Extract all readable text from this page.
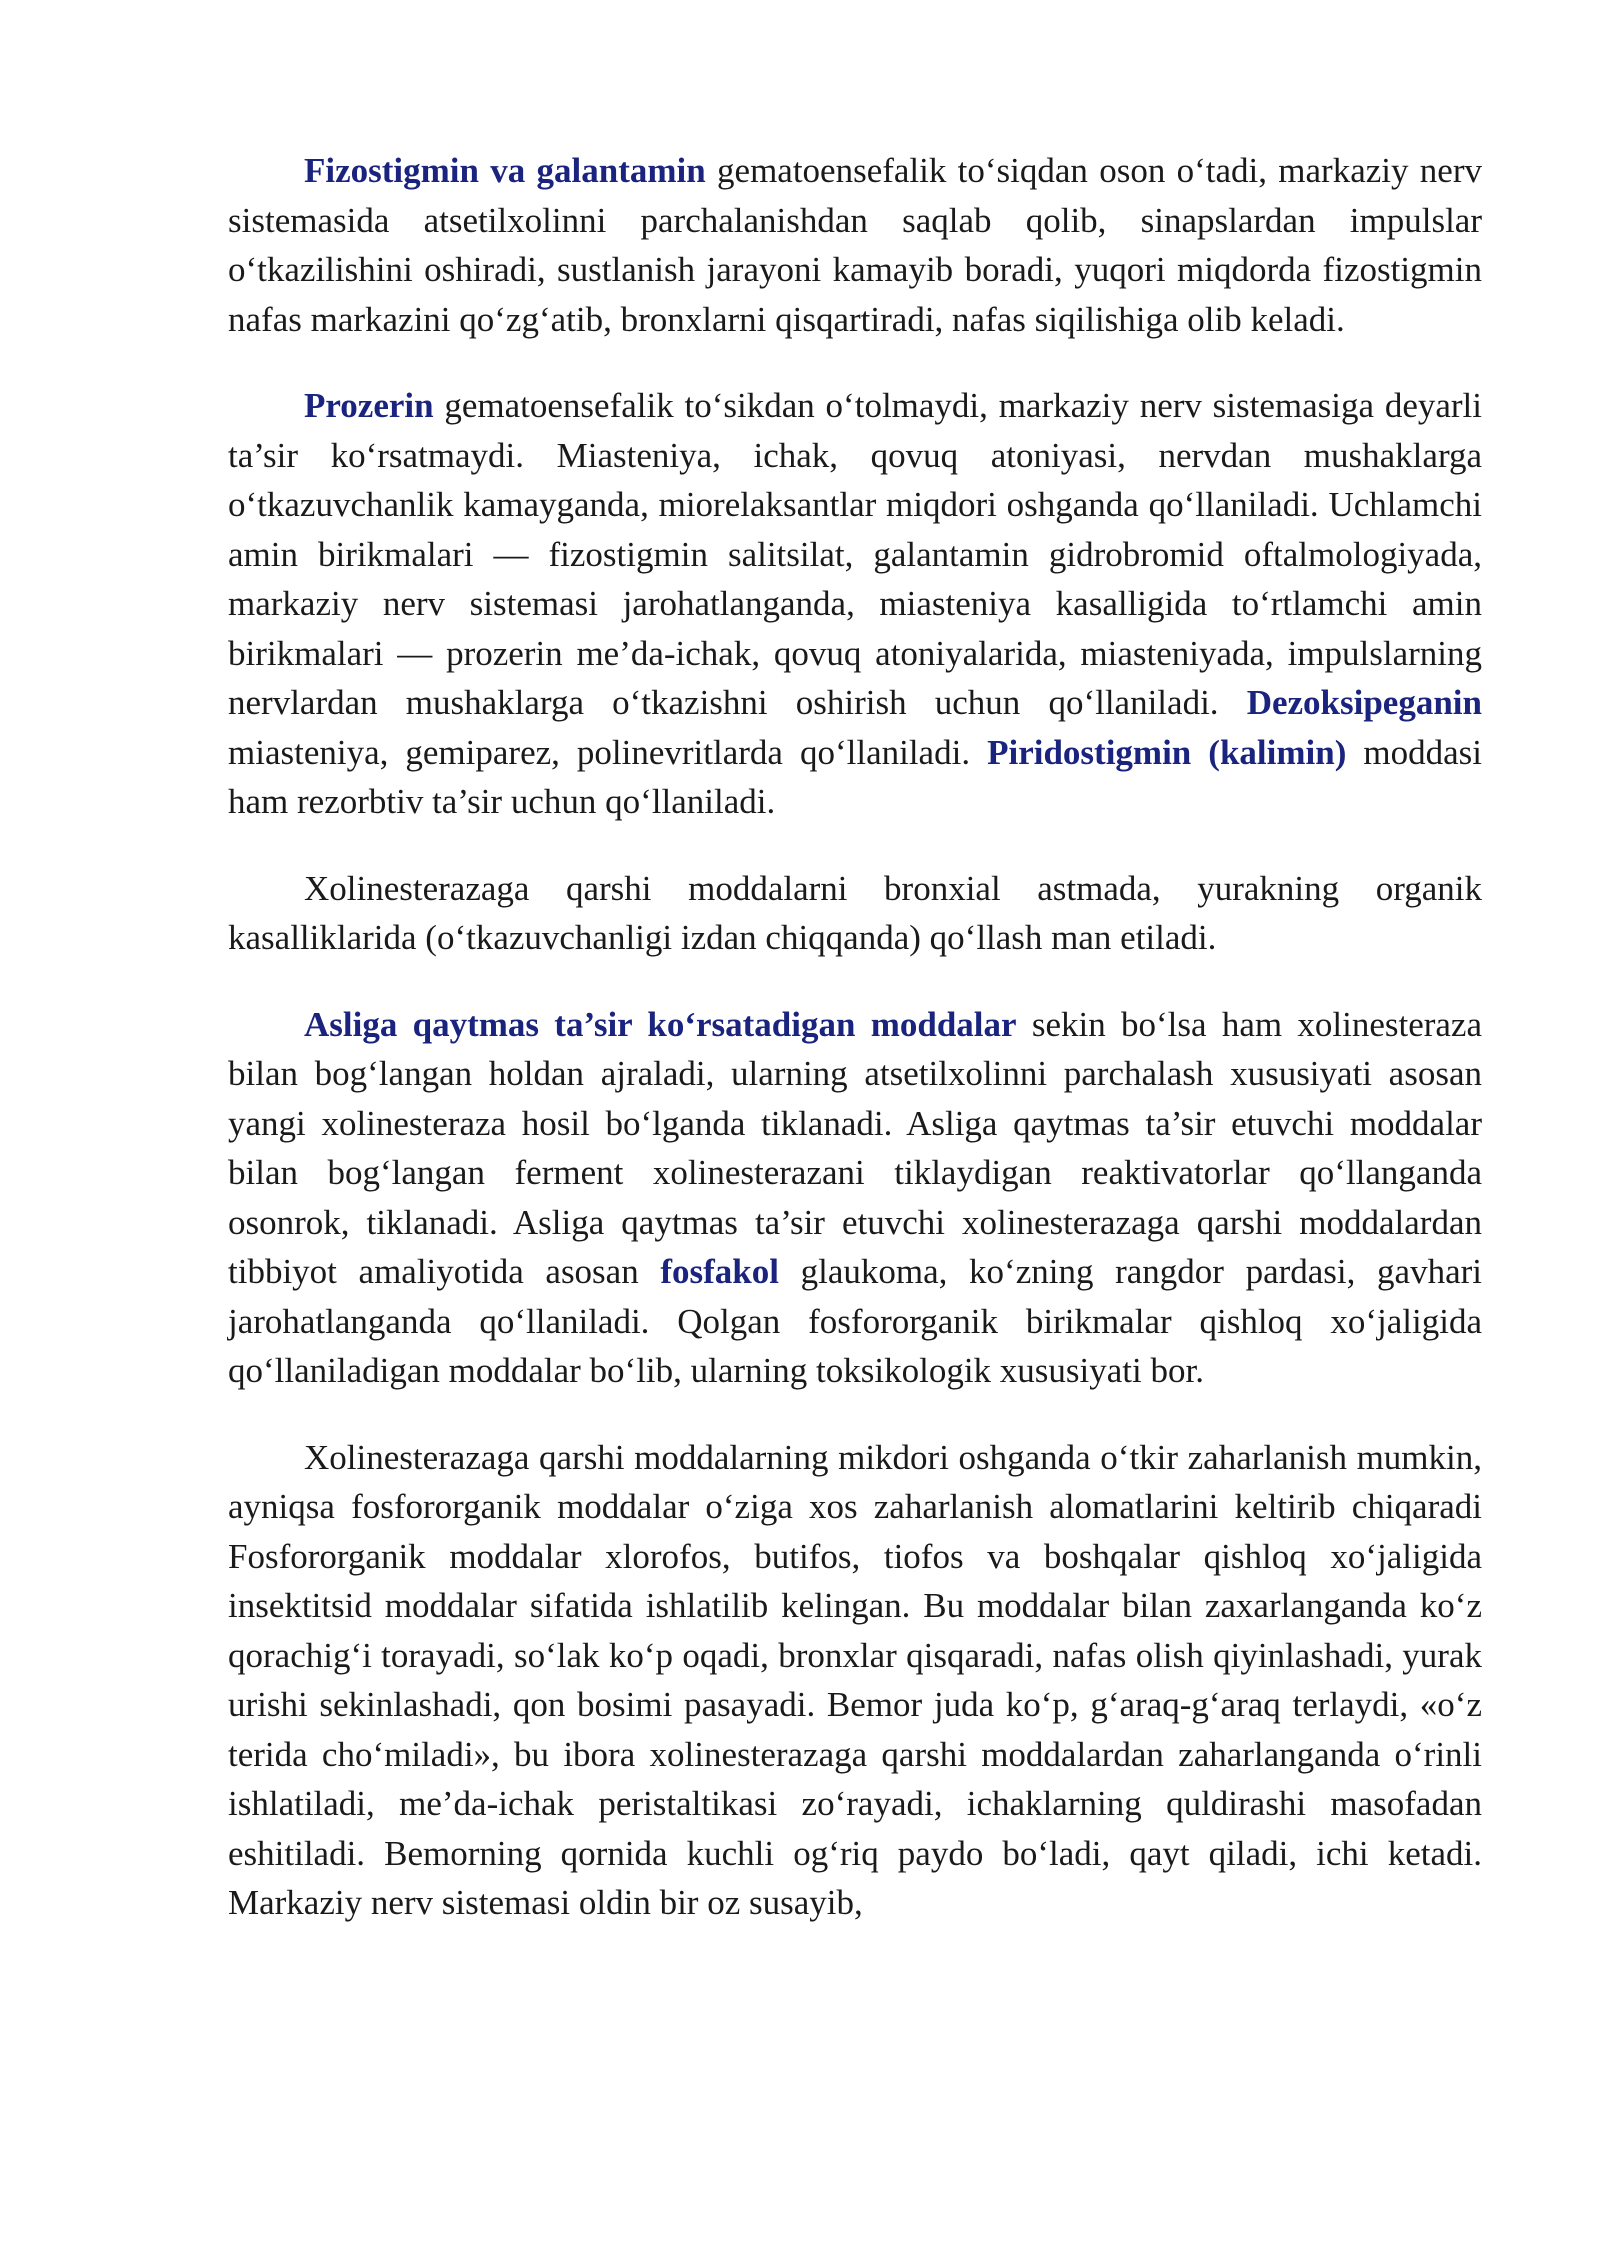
Fizostigmin va galantamin gematoensefalik to‘siqdan oson o‘tadi, markaziy nerv sistemasida atsetilxolinni parchalanishdan saqlab qolib, sinapslardan impulslar o‘tkazilishini oshiradi, sustlanish jarayoni kamayib boradi, yuqori miqdorda fizostigmin nafas markazini qo‘zg‘atib, bronxlarni qisqartiradi, nafas siqilishiga olib keladi.

Prozerin gematoensefalik to‘sikdan o‘tolmaydi, markaziy nerv sistemasiga deyarli ta’sir ko‘rsatmaydi. Miasteniya, ichak, qovuq atoniyasi, nervdan mushaklarga o‘tkazuvchanlik kamayganda, miorelaksantlar miqdori oshganda qo‘llaniladi. Uchlamchi amin birikmalari — fizostigmin salitsilat, galantamin gidrobromid oftalmologiyada, markaziy nerv sistemasi jarohatlanganda, miasteniya kasalligida to‘rtlamchi amin birikmalari — prozerin me’da-ichak, qovuq atoniyalarida, miasteniyada, impulslarning nervlardan mushaklarga o‘tkazishni oshirish uchun qo‘llaniladi. Dezoksipeganin miasteniya, gemiparez, polinevritlarda qo‘llaniladi. Piridostigmin (kalimin) moddasi ham rezorbtiv ta’sir uchun qo‘llaniladi.

Xolinesterazaga qarshi moddalarni bronxial astmada, yurakning organik kasalliklarida (o‘tkazuvchanligi izdan chiqqanda) qo‘llash man etiladi.

Asliga qaytmas ta’sir ko‘rsatadigan moddalar sekin bo‘lsa ham xolinesteraza bilan bog‘langan holdan ajraladi, ularning atsetilxolinni parchalash xususiyati asosan yangi xolinesteraza hosil bo‘lganda tiklanadi. Asliga qaytmas ta’sir etuvchi moddalar bilan bog‘langan ferment xolinesterazani tiklaydigan reaktivatorlar qo‘llanganda osonrok, tiklanadi. Asliga qaytmas ta’sir etuvchi xolinesterazaga qarshi moddalardan tibbiyot amaliyotida asosan fosfakol glaukoma, ko‘zning rangdor pardasi, gavhari jarohatlanganda qo‘llaniladi. Qolgan fosfororganik birikmalar qishloq xo‘jaligida qo‘llaniladigan moddalar bo‘lib, ularning toksikologik xususiyati bor.

Xolinesterazaga qarshi moddalarning mikdori oshganda o‘tkir zaharlanish mumkin, ayniqsa fosfororganik moddalar o‘ziga xos zaharlanish alomatlarini keltirib chiqaradi Fosfororganik moddalar xlorofos, butifos, tiofos va boshqalar qishloq xo‘jaligida insektitsid moddalar sifatida ishlatilib kelingan. Bu moddalar bilan zaxarlanganda ko‘z qorachig‘i torayadi, so‘lak ko‘p oqadi, bronxlar qisqaradi, nafas olish qiyinlashadi, yurak urishi sekinlashadi, qon bosimi pasayadi. Bemor juda ko‘p, g‘araq-g‘araq terlaydi, «o‘z terida cho‘miladi», bu ibora xolinesterazaga qarshi moddalardan zaharlanganda o‘rinli ishlatiladi, me’da-ichak peristaltikasi zo‘rayadi, ichaklarning quldirashi masofadan eshitiladi. Bemorning qornida kuchli og‘riq paydo bo‘ladi, qayt qiladi, ichi ketadi. Markaziy nerv sistemasi oldin bir oz susayib,
